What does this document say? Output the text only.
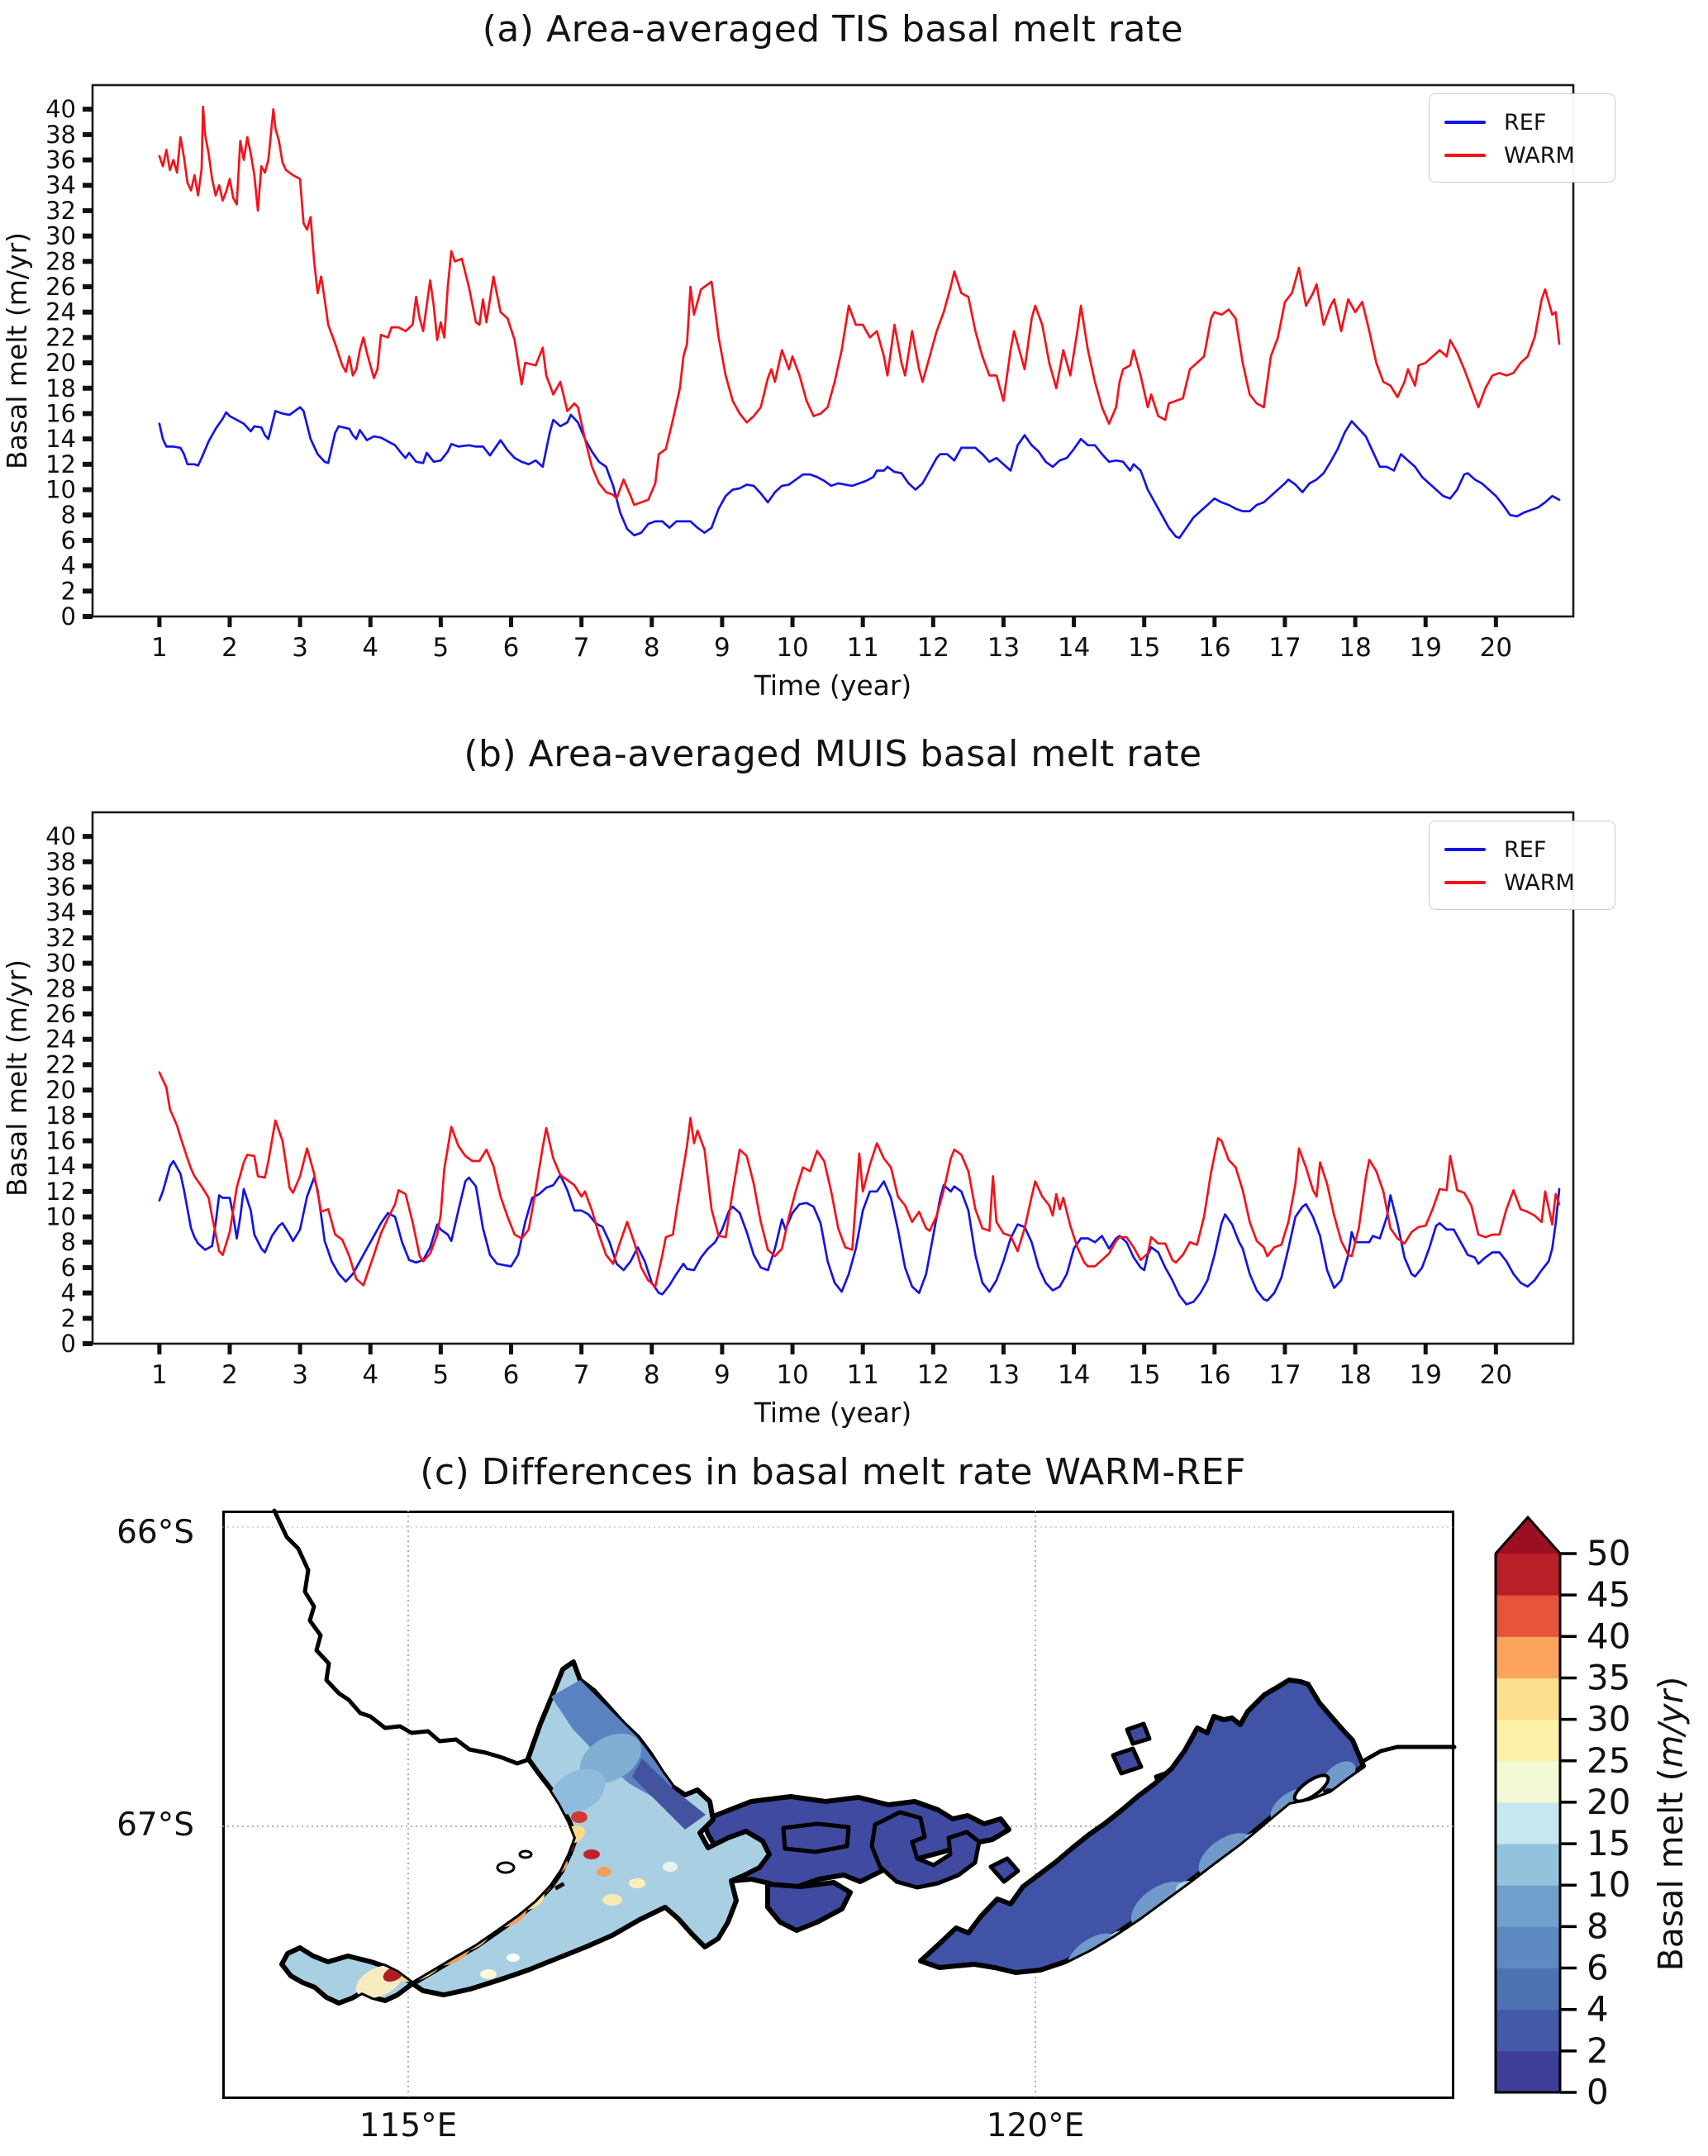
(a) Area-averaged TIS basal melt rate
1 2 3 4 5 6 7 8 9 10 11 12 13 14 15 16 17 18 19 20
0
2
4
6
8
10
12
14
16
18
20
22
24
26
28
30
32
34
36
38
40
Time (year)
Basal melt (m/yr)
REF
WARM
(b) Area-averaged MUIS basal melt rate
1 2 3 4 5 6 7 8 9 10 11 12 13 14 15 16 17 18 19 20
0
2
4
6
8
10
12
14
16
18
20
22
24
26
28
30
32
34
36
38
40
Time (year)
Basal melt (m/yr)
REF
WARM
(c) Differences in basal melt rate WARM-REF
66°S
67°S
115°E	120°E
0
2
4
6
8
10
15
20
25
30
35
40
45
50
Basal melt (m/yr)
